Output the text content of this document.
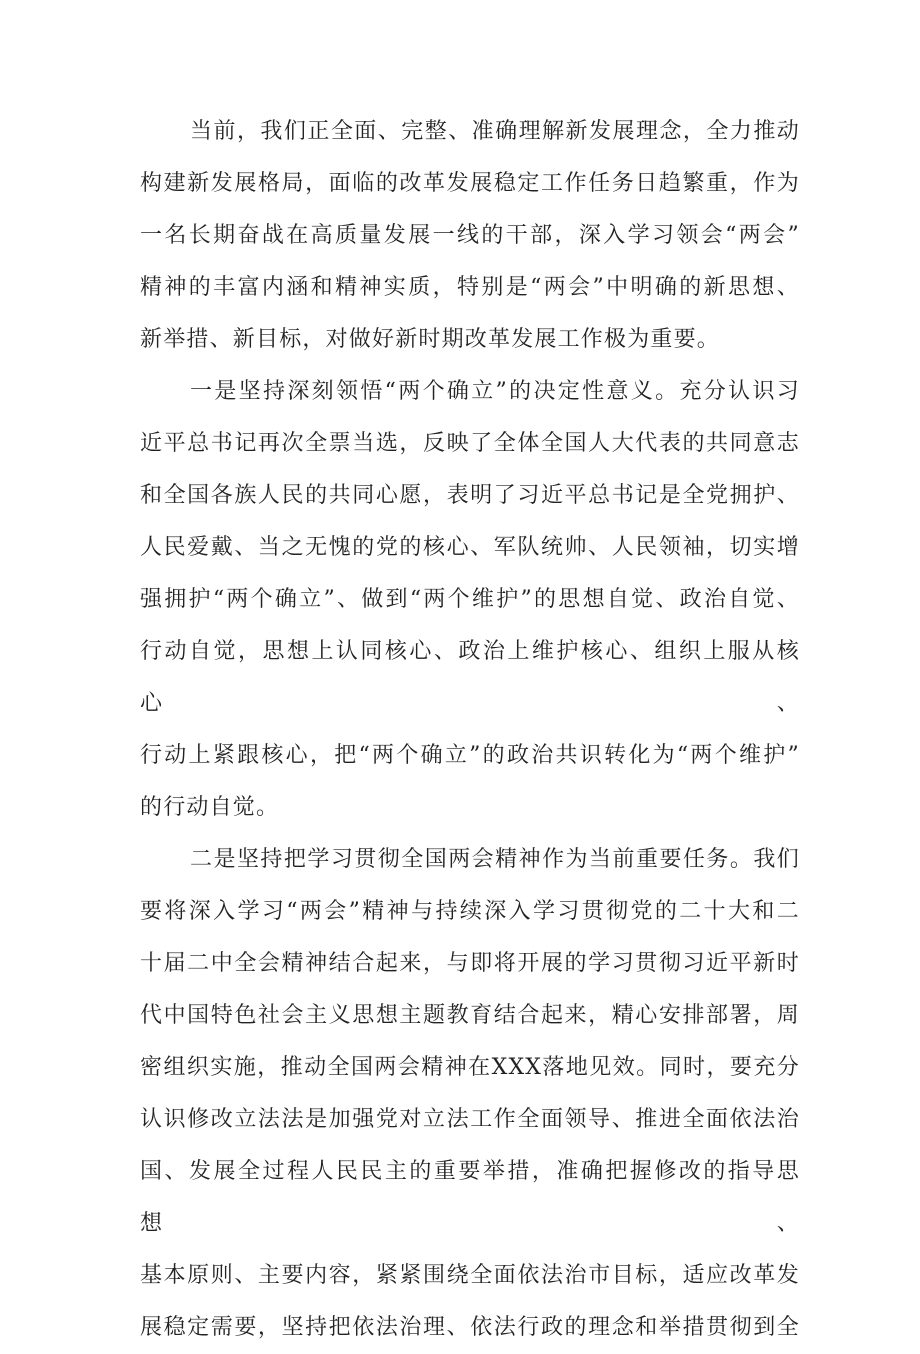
当前，我们正全面、完整、准确理解新发展理念，全力推动
构建新发展格局，面临的改革发展稳定工作任务日趋繁重，作为
一名长期奋战在高质量发展一线的干部，深入学习领会“两会”
精神的丰富内涵和精神实质，特别是“两会”中明确的新思想、
新举措、新目标，对做好新时期改革发展工作极为重要。
一是坚持深刻领悟“两个确立”的决定性意义。充分认识习
近平总书记再次全票当选，反映了全体全国人大代表的共同意志
和全国各族人民的共同心愿，表明了习近平总书记是全党拥护、
人民爱戴、当之无愧的党的核心、军队统帅、人民领袖，切实增
强拥护“两个确立”、做到“两个维护”的思想自觉、政治自觉、
行动自觉，思想上认同核心、政治上维护核心、组织上服从核心、
行动上紧跟核心，把“两个确立”的政治共识转化为“两个维护”
的行动自觉。
二是坚持把学习贯彻全国两会精神作为当前重要任务。我们
要将深入学习“两会”精神与持续深入学习贯彻党的二十大和二
十届二中全会精神结合起来，与即将开展的学习贯彻习近平新时
代中国特色社会主义思想主题教育结合起来，精心安排部署，周
密组织实施，推动全国两会精神在XXX落地见效。同时，要充分
认识修改立法法是加强党对立法工作全面领导、推进全面依法治
国、发展全过程人民民主的重要举措，准确把握修改的指导思想、
基本原则、主要内容，紧紧围绕全面依法治市目标，适应改革发
展稳定需要，坚持把依法治理、依法行政的理念和举措贯彻到全
